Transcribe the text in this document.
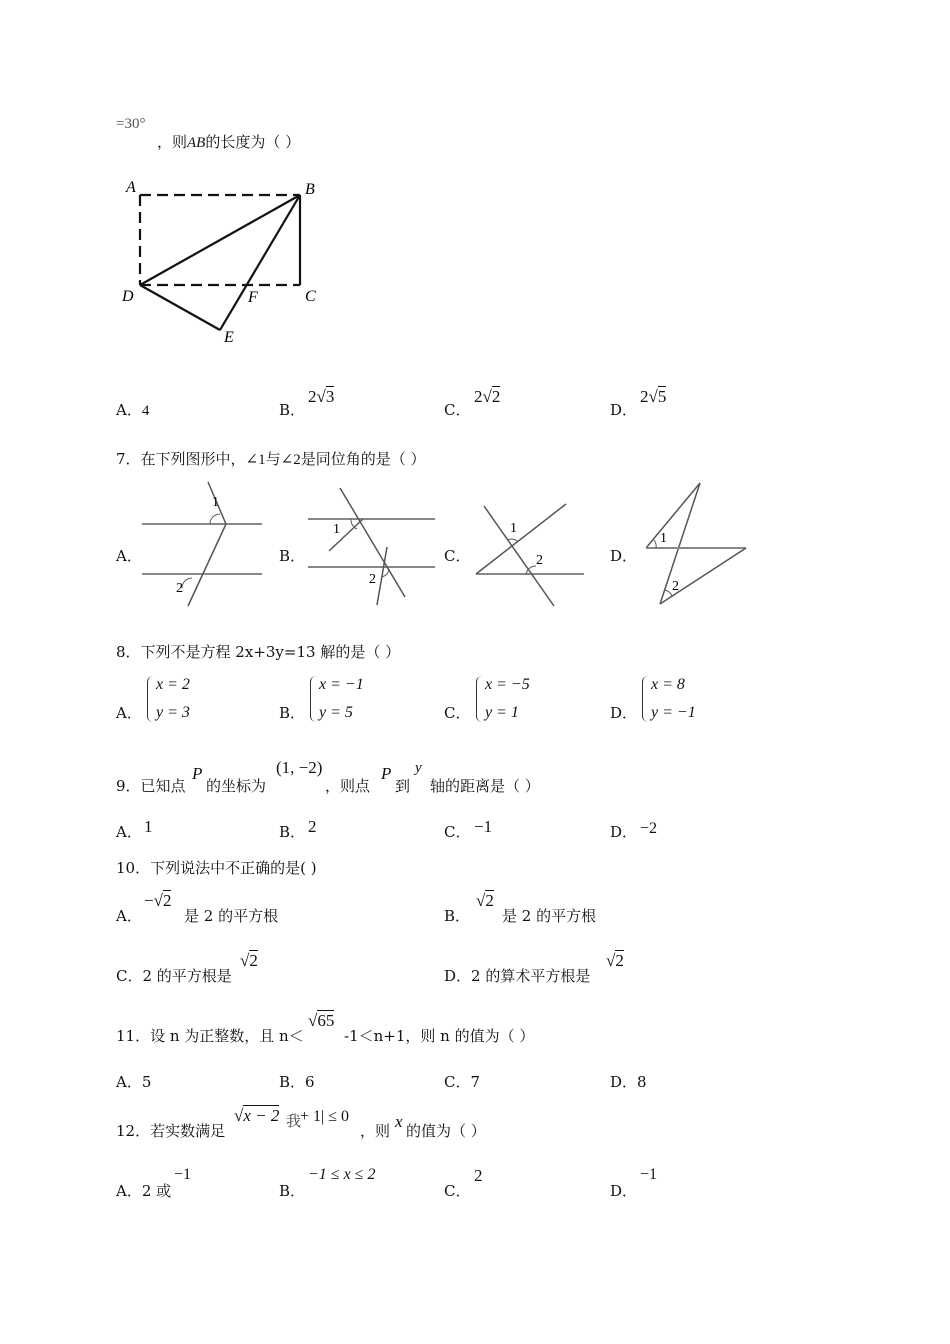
=30°
，则AB的长度为（ ）
A	B
C
D
E
F
A．4	B．
2√3
C．
2√2
D．
2√5
7．在下列图形中，∠1与∠2是同位角的是（ ）
A．
1
2
B．
1
2
C．
1
2	D．
1
2
8．下列不是方程 2x+3y=13 解的是（ ）
A．
x = 2
y = 3	B．
x = −1
y = 5	C．
x = −5
y = 1	D．
x = 8
y = −1
9．已知点
P
的坐标为
(1, −2)
，则点
P
到
y
轴的距离是（ ）
A． 1	B． 2	C． −1	D． −2
10．下列说法中不正确的是( )
A．
−√2
是 2 的平方根	B．
√2
是 2 的平方根
C．2 的平方根是
√2
D．2 的算术平方根是
√2
11．设 n 为正整数，且 n＜
√65
-1＜n+1，则 n 的值为（ ）
A．5	B．6	C．7	D．8
12．若实数满足
√x − 2 我
+ 1| ≤ 0
，则 x 的值为（ ）
A．2 或
−1
B．
−1 ≤ x ≤ 2
C．
2
D．
−1
